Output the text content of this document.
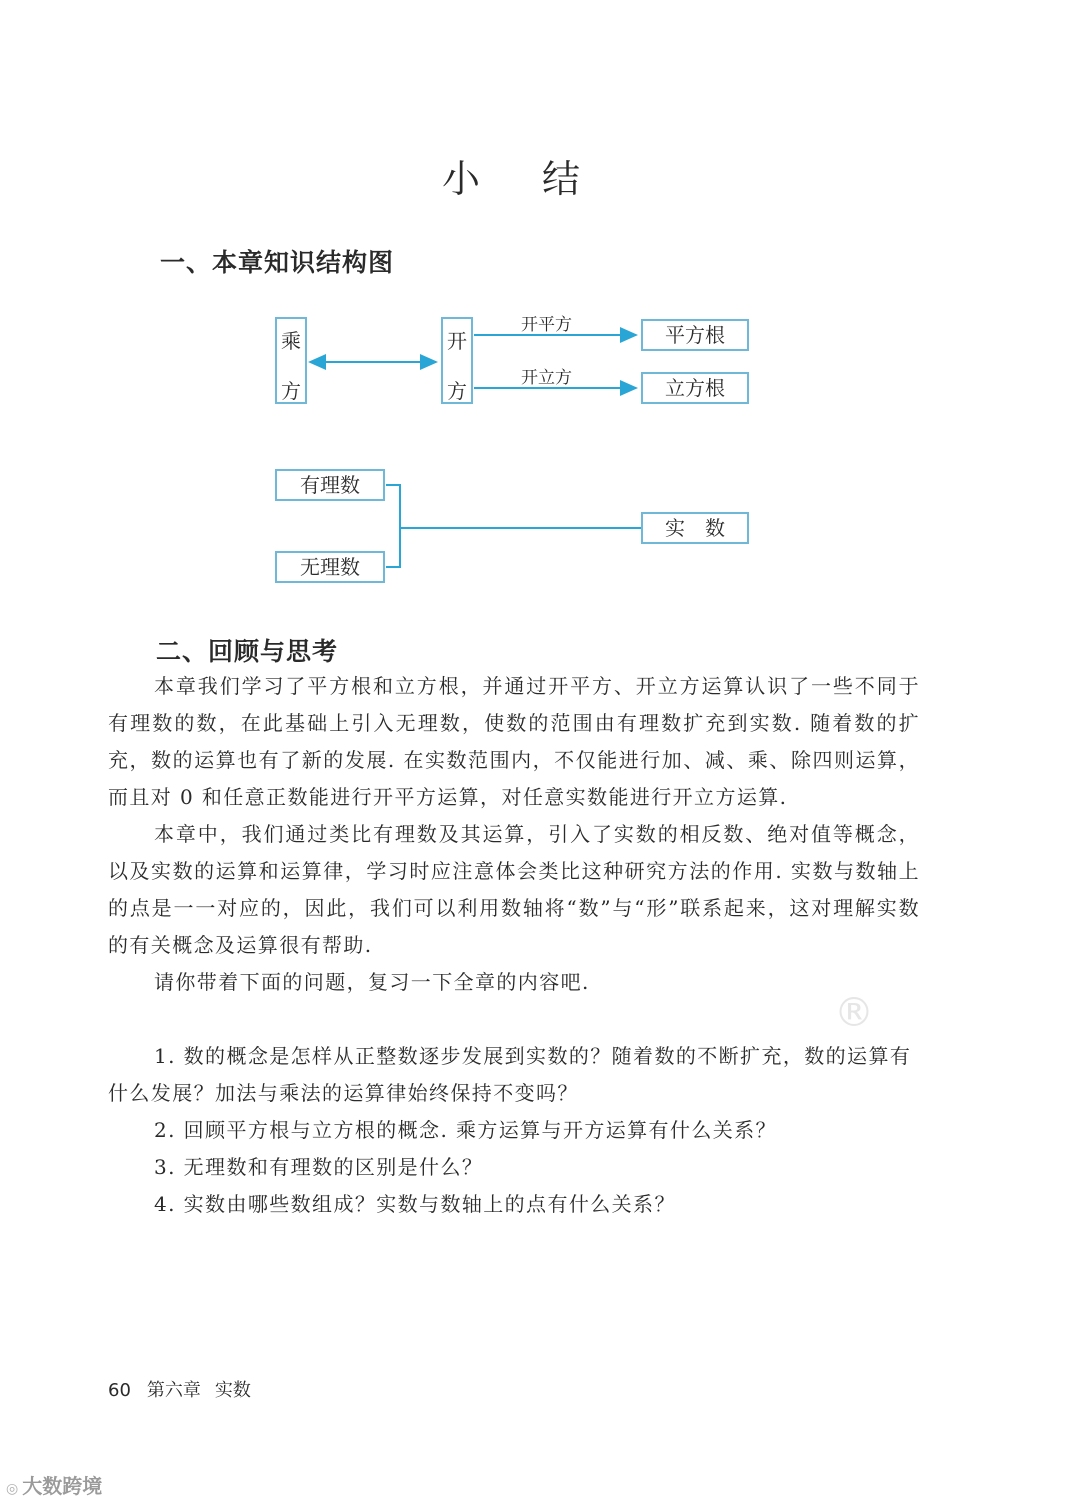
小 结
一、本章知识结构图
乘
方
开
方
开平方
开立方
平方根
立方根
有理数
无理数
实　数
二、回顾与思考

本章我们学习了平方根和立方根，并通过开平方、开立方运算认识了一些不同于有理数的数，在此基础上引入无理数，使数的范围由有理数扩充到实数. 随着数的扩充，数的运算也有了新的发展. 在实数范围内，不仅能进行加、减、乘、除四则运算，而且对 0 和任意正数能进行开平方运算，对任意实数能进行开立方运算.

本章中，我们通过类比有理数及其运算，引入了实数的相反数、绝对值等概念，以及实数的运算和运算律，学习时应注意体会类比这种研究方法的作用. 实数与数轴上的点是一一对应的，因此，我们可以利用数轴将“数”与“形”联系起来，这对理解实数的有关概念及运算很有帮助.

请你带着下面的问题，复习一下全章的内容吧.

1. 数的概念是怎样从正整数逐步发展到实数的？随着数的不断扩充，数的运算有什么发展？加法与乘法的运算律始终保持不变吗？

2. 回顾平方根与立方根的概念. 乘方运算与开方运算有什么关系？

3. 无理数和有理数的区别是什么？

4. 实数由哪些数组成？实数与数轴上的点有什么关系？

®
60 第六章 实数
◎ 大数跨境
